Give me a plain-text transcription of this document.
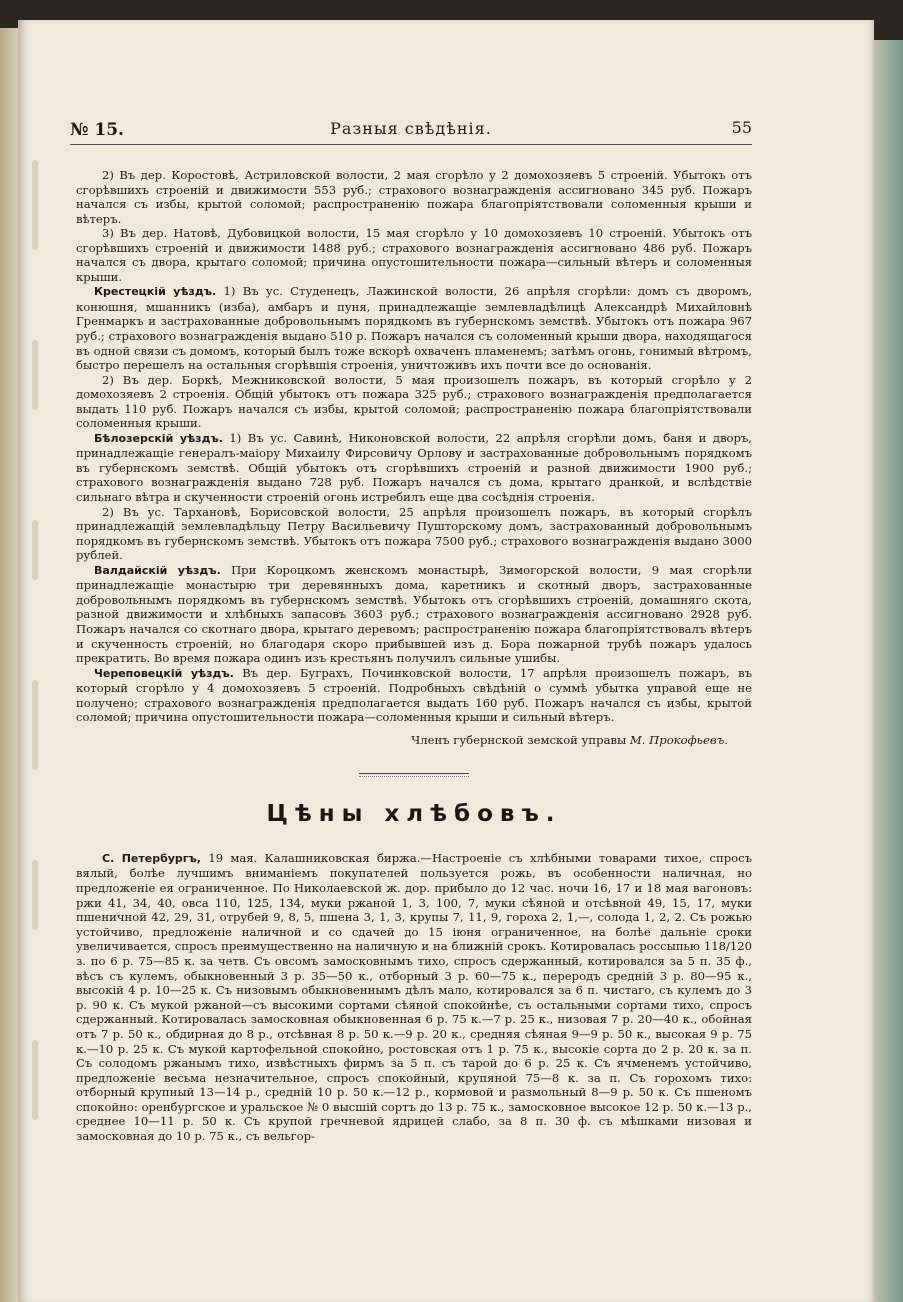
№ 15.	Разныя свѣдѣнія.	55

2) Въ дер. Коростовѣ, Астриловской волости, 2 мая сгорѣло у 2 домохозяевъ 5 строеній. Убытокъ отъ сгорѣвшихъ строеній и движимости 553 руб.; страхового вознагражденія ассигновано 345 руб. Пожаръ начался съ избы, крытой соломой; распространенію пожара благопріятствовали соломенныя крыши и вѣтеръ.

3) Въ дер. Натовѣ, Дубовицкой волости, 15 мая сгорѣло у 10 домохозяевъ 10 строеній. Убытокъ отъ сгорѣвшихъ строеній и движимости 1488 руб.; страхового вознагражденія ассигновано 486 руб. Пожаръ начался съ двора, крытаго соломой; причина опустошительности пожара—сильный вѣтеръ и соломенныя крыши.

Крестецкій уѣздъ. 1) Въ ус. Студенецъ, Лажинской волости, 26 апрѣля сгорѣли: домъ съ дворомъ, конюшня, мшанникъ (изба), амбаръ и пуня, принадлежащіе землевладѣлицѣ Александрѣ Михайловнѣ Гренмаркъ и застрахованные добровольнымъ порядкомъ въ губернскомъ земствѣ. Убытокъ отъ пожара 967 руб.; страхового вознагражденія выдано 510 р. Пожаръ начался съ соломенный крыши двора, находящагося въ одной связи съ домомъ, который былъ тоже вскорѣ охваченъ пламенемъ; затѣмъ огонь, гонимый вѣтромъ, быстро перешелъ на остальныя сгорѣвшія строенія, уничтоживъ ихъ почти все до основанія.

2) Въ дер. Боркѣ, Межниковской волости, 5 мая произошелъ пожаръ, въ который сгорѣло у 2 домохозяевъ 2 строенія. Общій убытокъ отъ пожара 325 руб.; страхового вознагражденія предполагается выдать 110 руб. Пожаръ начался съ избы, крытой соломой; распространенію пожара благопріятствовали соломенныя крыши.

Бѣлозерскій уѣздъ. 1) Въ ус. Савинѣ, Никоновской волости, 22 апрѣля сгорѣли домъ, баня и дворъ, принадлежащіе генералъ-маіору Михаилу Фирсовичу Орлову и застрахованные добровольнымъ порядкомъ въ губернскомъ земствѣ. Общій убытокъ отъ сгорѣвшихъ строеній и разной движимости 1900 руб.; страхового вознагражденія выдано 728 руб. Пожаръ начался съ дома, крытаго дранкой, и вслѣдствіе сильнаго вѣтра и скученности строеній огонь истребилъ еще два сосѣднія строенія.

2) Въ ус. Тархановѣ, Борисовской волости, 25 апрѣля произошелъ пожаръ, въ который сгорѣлъ принадлежащій землевладѣльцу Петру Васильевичу Пушторскому домъ, застрахованный добровольнымъ порядкомъ въ губернскомъ земствѣ. Убытокъ отъ пожара 7500 руб.; страхового вознагражденія выдано 3000 рублей.

Валдайскій уѣздъ. При Короцкомъ женскомъ монастырѣ, Зимогорской волости, 9 мая сгорѣли принадлежащіе монастырю три деревянныхъ дома, каретникъ и скотный дворъ, застрахованные добровольнымъ порядкомъ въ губернскомъ земствѣ. Убытокъ отъ сгорѣвшихъ строеній, домашняго скота, разной движимости и хлѣбныхъ запасовъ 3603 руб.; страхового вознагражденія ассигновано 2928 руб. Пожаръ начался со скотнаго двора, крытаго деревомъ; распространенію пожара благопріятствовалъ вѣтеръ и скученность строеній, но благодаря скоро прибывшей изъ д. Бора пожарной трубѣ пожаръ удалось прекратить. Во время пожара одинъ изъ крестьянъ получилъ сильные ушибы.

Череповецкій уѣздъ. Въ дер. Буграхъ, Починковской волости, 17 апрѣля произошелъ пожаръ, въ который сгорѣло у 4 домохозяевъ 5 строеній. Подробныхъ свѣдѣній о суммѣ убытка управой еще не получено; страхового вознагражденія предполагается выдать 160 руб. Пожаръ начался съ избы, крытой соломой; причина опустошительности пожара—соломенныя крыши и сильный вѣтеръ.

Членъ губернской земской управы М. Прокофьевъ.
Цѣны хлѣбовъ.

С. Петербургъ, 19 мая. Калашниковская биржа.—Настроеніе съ хлѣбными товарами тихое, спросъ вялый, болѣе лучшимъ вниманіемъ покупателей пользуется рожь, въ особенности наличная, но предложеніе ея ограниченное. По Николаевской ж. дор. прибыло до 12 час. ночи 16, 17 и 18 мая вагоновъ: ржи 41, 34, 40, овса 110, 125, 134, муки ржаной 1, 3, 100, 7, муки сѣяной и отсѣвной 49, 15, 17, муки пшеничной 42, 29, 31, отрубей 9, 8, 5, пшена 3, 1, 3, крупы 7, 11, 9, гороха 2, 1,—, солода 1, 2, 2. Съ рожью устойчиво, предложеніе наличной и со сдачей до 15 іюня ограниченное, на болѣе дальніе сроки увеличивается, спросъ преимущественно на наличную и на ближній срокъ. Котировалась россыпью 118/120 з. по 6 р. 75—85 к. за четв. Съ овсомъ замосковнымъ тихо, спросъ сдержанный, котировался за 5 п. 35 ф., вѣсъ съ кулемъ, обыкновенный 3 р. 35—50 к., отборный 3 р. 60—75 к., переродъ средній 3 р. 80—95 к., высокій 4 р. 10—25 к. Съ низовымъ обыкновеннымъ дѣлъ мало, котировался за 6 п. чистаго, съ кулемъ до 3 р. 90 к. Съ мукой ржаной—съ высокими сортами сѣяной спокойнѣе, съ остальными сортами тихо, спросъ сдержанный. Котировалась замосковная обыкновенная 6 р. 75 к.—7 р. 25 к., низовая 7 р. 20—40 к., обойная отъ 7 р. 50 к., обдирная до 8 р., отсѣвная 8 р. 50 к.—9 р. 20 к., средняя сѣяная 9—9 р. 50 к., высокая 9 р. 75 к.—10 р. 25 к. Съ мукой картофельной спокойно, ростовская отъ 1 р. 75 к., высокіе сорта до 2 р. 20 к. за п. Съ солодомъ ржанымъ тихо, извѣстныхъ фирмъ за 5 п. съ тарой до 6 р. 25 к. Съ ячменемъ устойчиво, предложеніе весьма незначительное, спросъ спокойный, крупяной 75—8 к. за п. Съ горохомъ тихо: отборный крупный 13—14 р., средній 10 р. 50 к.—12 р., кормовой и размольный 8—9 р. 50 к. Съ пшеномъ спокойно: оренбургское и уральское № 0 высшій сортъ до 13 р. 75 к., замосковное высокое 12 р. 50 к.—13 р., среднее 10—11 р. 50 к. Съ крупой гречневой ядрицей слабо, за 8 п. 30 ф. съ мѣшками низовая и замосковная до 10 р. 75 к., съ вельгор-
